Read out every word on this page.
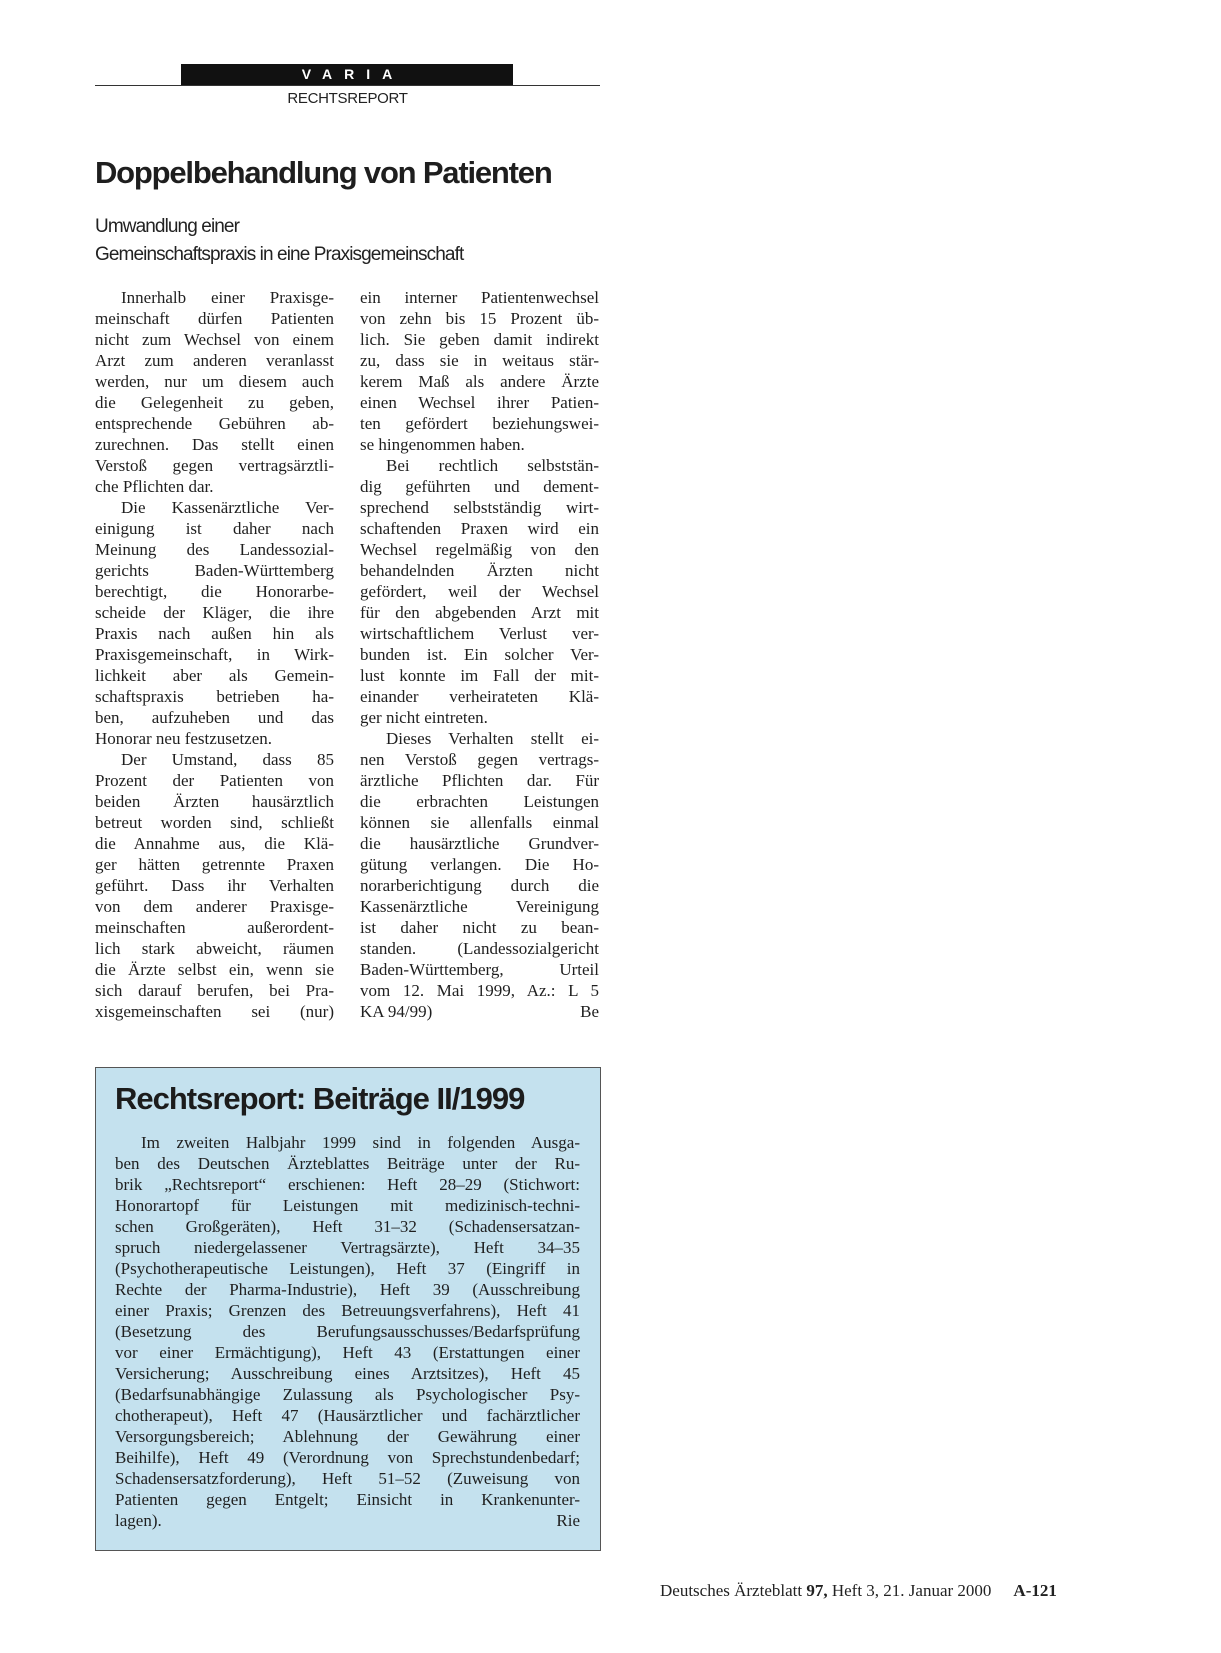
VARIA
RECHTSREPORT
Doppelbehandlung von Patienten
Umwandlung einer
Gemeinschaftspraxis in eine Praxisgemeinschaft
Innerhalb einer Praxisge-
meinschaft dürfen Patienten
nicht zum Wechsel von einem
Arzt zum anderen veranlasst
werden, nur um diesem auch
die Gelegenheit zu geben,
entsprechende Gebühren ab-
zurechnen. Das stellt einen
Verstoß gegen vertragsärztli-
che Pflichten dar.
Die Kassenärztliche Ver-
einigung ist daher nach
Meinung des Landessozial-
gerichts Baden-Württemberg
berechtigt, die Honorarbe-
scheide der Kläger, die ihre
Praxis nach außen hin als
Praxisgemeinschaft, in Wirk-
lichkeit aber als Gemein-
schaftspraxis betrieben ha-
ben, aufzuheben und das
Honorar neu festzusetzen.
Der Umstand, dass 85
Prozent der Patienten von
beiden Ärzten hausärztlich
betreut worden sind, schließt
die Annahme aus, die Klä-
ger hätten getrennte Praxen
geführt. Dass ihr Verhalten
von dem anderer Praxisge-
meinschaften außerordent-
lich stark abweicht, räumen
die Ärzte selbst ein, wenn sie
sich darauf berufen, bei Pra-
xisgemeinschaften sei (nur)
ein interner Patientenwechsel
von zehn bis 15 Prozent üb-
lich. Sie geben damit indirekt
zu, dass sie in weitaus stär-
kerem Maß als andere Ärzte
einen Wechsel ihrer Patien-
ten gefördert beziehungswei-
se hingenommen haben.
Bei rechtlich selbststän-
dig geführten und dement-
sprechend selbstständig wirt-
schaftenden Praxen wird ein
Wechsel regelmäßig von den
behandelnden Ärzten nicht
gefördert, weil der Wechsel
für den abgebenden Arzt mit
wirtschaftlichem Verlust ver-
bunden ist. Ein solcher Ver-
lust konnte im Fall der mit-
einander verheirateten Klä-
ger nicht eintreten.
Dieses Verhalten stellt ei-
nen Verstoß gegen vertrags-
ärztliche Pflichten dar. Für
die erbrachten Leistungen
können sie allenfalls einmal
die hausärztliche Grundver-
gütung verlangen. Die Ho-
norarberichtigung durch die
Kassenärztliche Vereinigung
ist daher nicht zu bean-
standen. (Landessozialgericht
Baden-Württemberg, Urteil
vom 12. Mai 1999, Az.: L 5
KA 94/99)	Be
Rechtsreport: Beiträge II/1999
Im zweiten Halbjahr 1999 sind in folgenden Ausga-
ben des Deutschen Ärzteblattes Beiträge unter der Ru-
brik „Rechtsreport“ erschienen: Heft 28–29 (Stichwort:
Honorartopf für Leistungen mit medizinisch-techni-
schen Großgeräten), Heft 31–32 (Schadensersatzan-
spruch niedergelassener Vertragsärzte), Heft 34–35
(Psychotherapeutische Leistungen), Heft 37 (Eingriff in
Rechte der Pharma-Industrie), Heft 39 (Ausschreibung
einer Praxis; Grenzen des Betreuungsverfahrens), Heft 41
(Besetzung des Berufungsausschusses/Bedarfsprüfung
vor einer Ermächtigung), Heft 43 (Erstattungen einer
Versicherung; Ausschreibung eines Arztsitzes), Heft 45
(Bedarfsunabhängige Zulassung als Psychologischer Psy-
chotherapeut), Heft 47 (Hausärztlicher und fachärztlicher
Versorgungsbereich; Ablehnung der Gewährung einer
Beihilfe), Heft 49 (Verordnung von Sprechstundenbedarf;
Schadensersatzforderung), Heft 51–52 (Zuweisung von
Patienten gegen Entgelt; Einsicht in Krankenunter-
lagen).	Rie
Deutsches Ärzteblatt 97, Heft 3, 21. Januar 2000 A-121
